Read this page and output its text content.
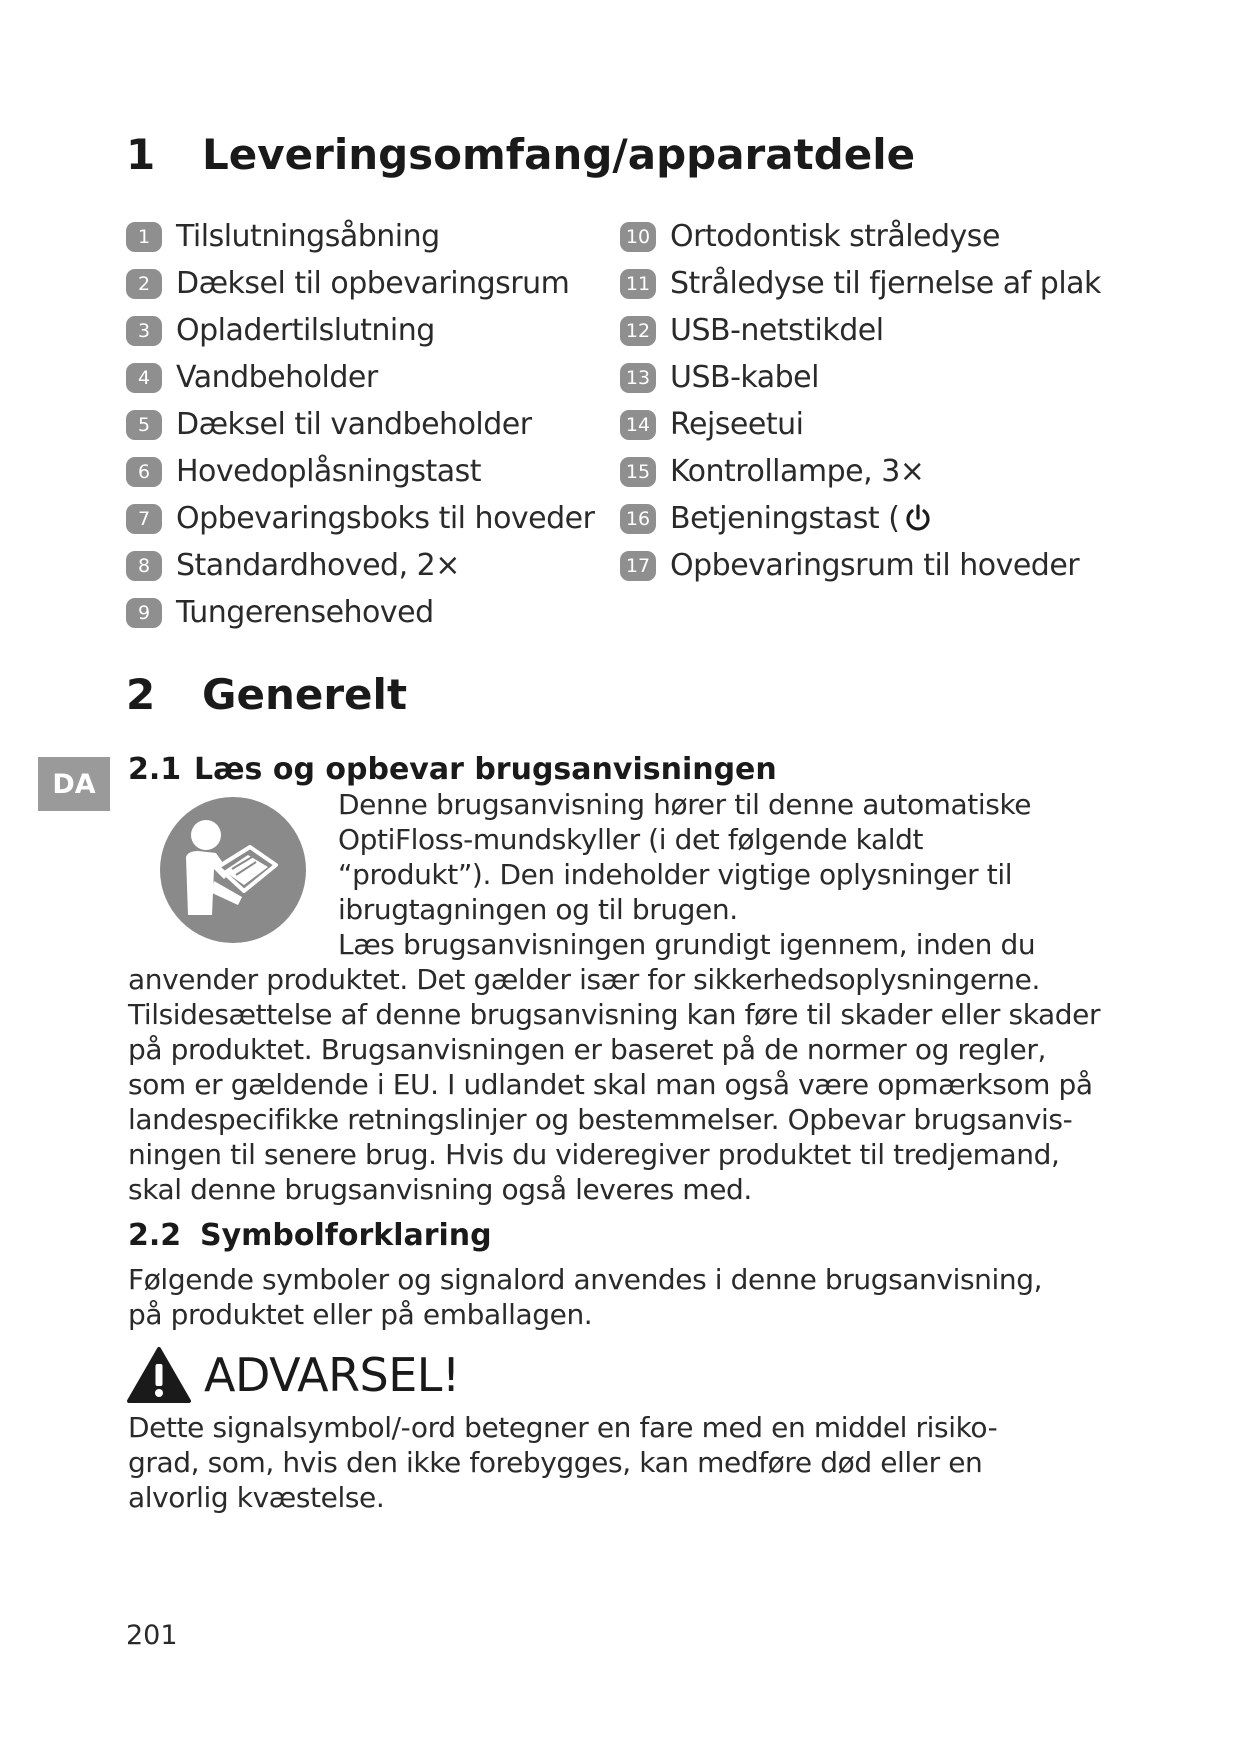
1 Leveringsomfang/apparatdele
1 Tilslutningsåbning
2 Dæksel til opbevaringsrum
3 Opladertilslutning
4 Vandbeholder
5 Dæksel til vandbeholder
6 Hovedoplåsningstast
7 Opbevaringsboks til hoveder
8 Standardhoved, 2×
9 Tungerensehoved
10 Ortodontisk stråledyse
11 Stråledyse til fjernelse af plak
12 USB-netstikdel
13 USB-kabel
14 Rejseetui
15 Kontrollampe, 3×
16 Betjeningstast (
17 Opbevaringsrum til hoveder
2 Generelt
DA	2.1 Læs og opbevar brugsanvisningen

Denne brugsanvisning hører til denne automatiske

OptiFloss-mundskyller (i det følgende kaldt

“produkt”). Den indeholder vigtige oplysninger til

ibrugtagningen og til brugen.

Læs brugsanvisningen grundigt igennem, inden du
anvender produktet. Det gælder især for sikkerhedsoplysningerne.
Tilsidesættelse af denne brugsanvisning kan føre til skader eller skader
på produktet. Brugsanvisningen er baseret på de normer og regler,
som er gældende i EU. I udlandet skal man også være opmærksom på
landespecifikke retningslinjer og bestemmelser. Opbevar brugsanvis-
ningen til senere brug. Hvis du videregiver produktet til tredjemand,
skal denne brugsanvisning også leveres med.
2.2 Symbolforklaring
Følgende symboler og signalord anvendes i denne brugsanvisning,
på produktet eller på emballagen.
ADVARSEL!
Dette signalsymbol/-ord betegner en fare med en middel risiko-
grad, som, hvis den ikke forebygges, kan medføre død eller en
alvorlig kvæstelse.
201
